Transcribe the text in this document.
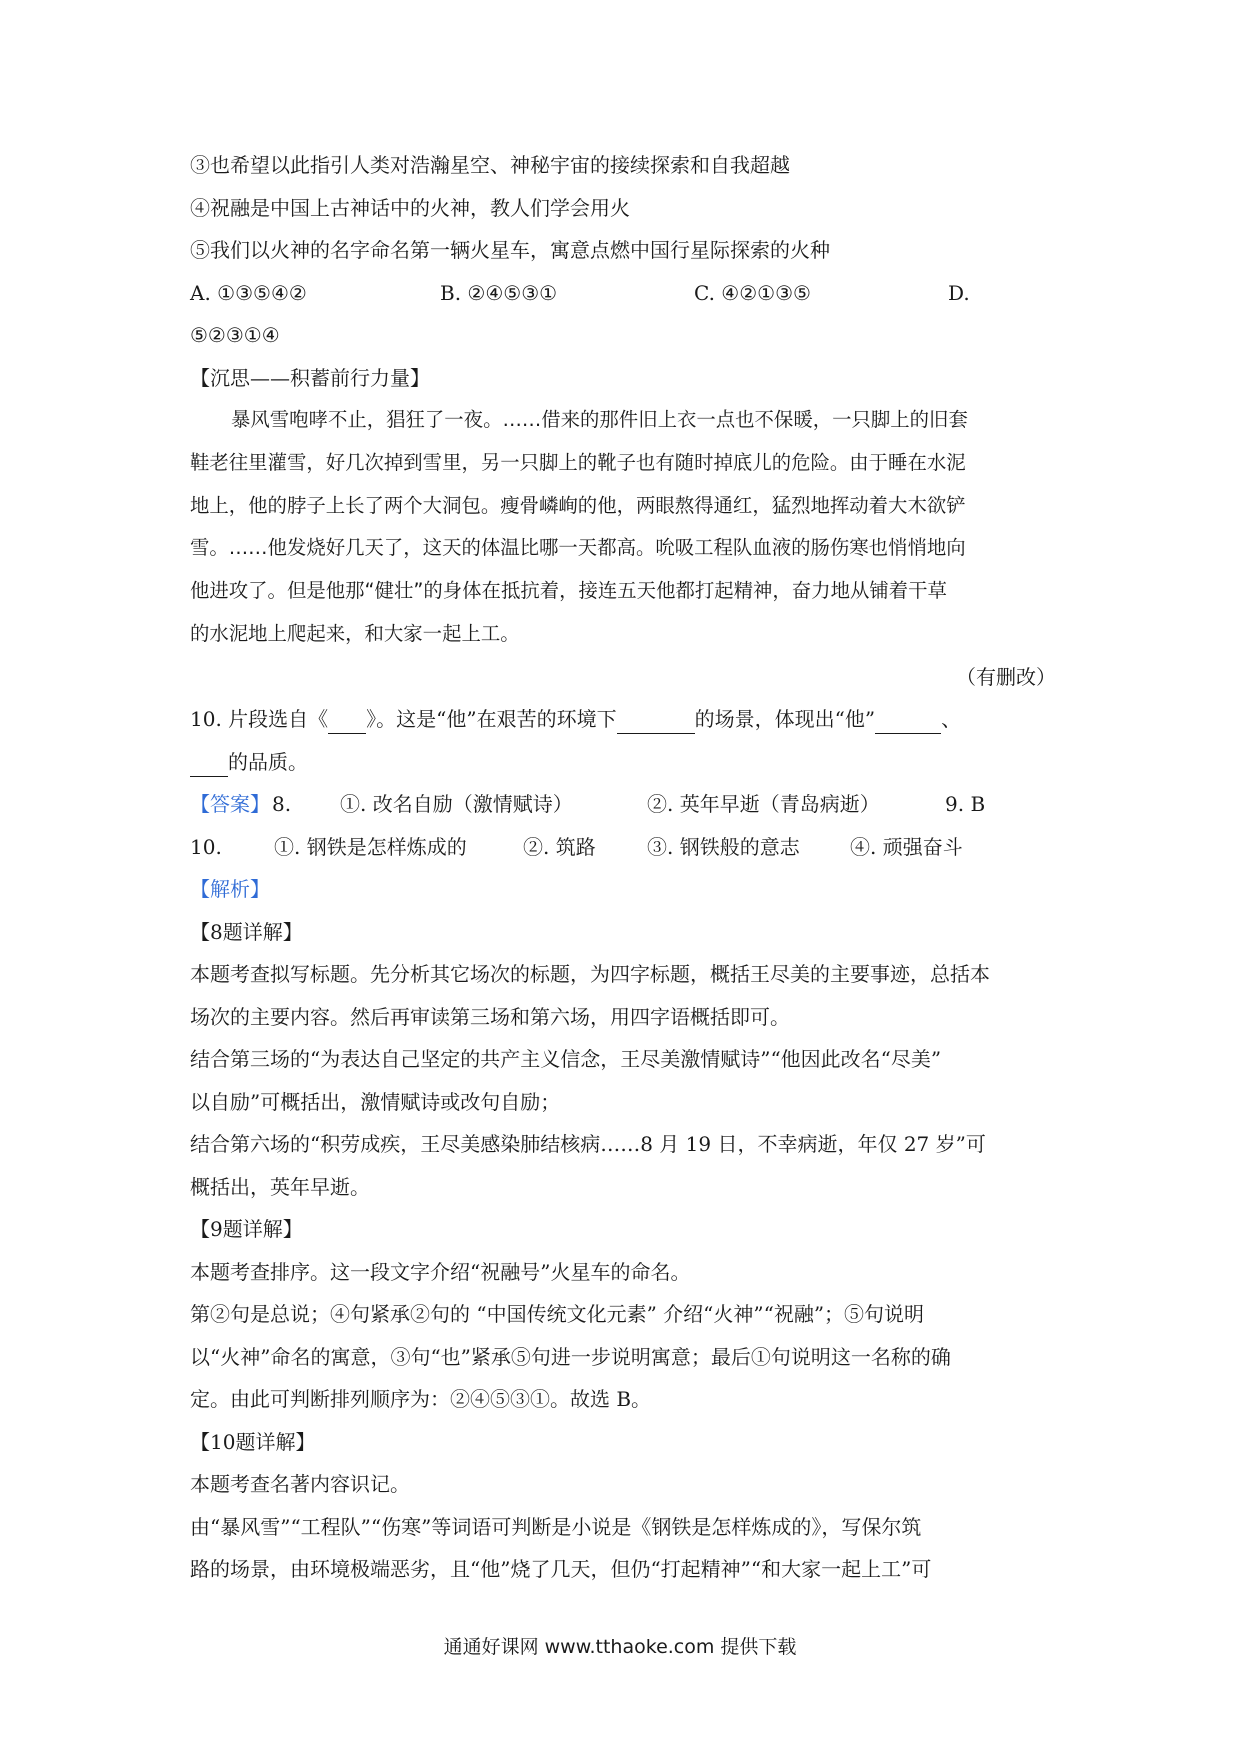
③也希望以此指引人类对浩瀚星空、神秘宇宙的接续探索和自我超越
④祝融是中国上古神话中的火神，教人们学会用火
⑤我们以火神的名字命名第一辆火星车，寓意点燃中国行星际探索的火种
A. ①③⑤④②	B. ②④⑤③①	C. ④②①③⑤	D.
⑤②③①④
【沉思——积蓄前行力量】
暴风雪咆哮不止，猖狂了一夜。……借来的那件旧上衣一点也不保暖，一只脚上的旧套
鞋老往里灌雪，好几次掉到雪里，另一只脚上的靴子也有随时掉底儿的危险。由于睡在水泥
地上，他的脖子上长了两个大洞包。瘦骨嶙峋的他，两眼熬得通红，猛烈地挥动着大木欲铲
雪。……他发烧好几天了，这天的体温比哪一天都高。吮吸工程队血液的肠伤寒也悄悄地向
他进攻了。但是他那“健壮”的身体在抵抗着，接连五天他都打起精神，奋力地从铺着干草
的水泥地上爬起来，和大家一起上工。
（有删改）
10. 片段选自《 》。这是“他”在艰苦的环境下	的场景，体现出“他”	、
的品质。
【答案】 8. ①. 改名自励（激情赋诗）	②. 英年早逝（青岛病逝）	9. B
10.	①. 钢铁是怎样炼成的	②. 筑路	③. 钢铁般的意志	④. 顽强奋斗
【解析】
【8题详解】
本题考查拟写标题。先分析其它场次的标题，为四字标题，概括王尽美的主要事迹，总括本
场次的主要内容。然后再审读第三场和第六场，用四字语概括即可。
结合第三场的“为表达自己坚定的共产主义信念，王尽美激情赋诗”“他因此改名“尽美”
以自励”可概括出，激情赋诗或改句自励；
结合第六场的“积劳成疾，王尽美感染肺结核病……8 月 19 日，不幸病逝，年仅 27 岁”可
概括出，英年早逝。
【9题详解】
本题考查排序。这一段文字介绍“祝融号”火星车的命名。
第②句是总说；④句紧承②句的 “中国传统文化元素” 介绍“火神”“祝融”；⑤句说明
以“火神”命名的寓意，③句“也”紧承⑤句进一步说明寓意；最后①句说明这一名称的确
定。由此可判断排列顺序为：②④⑤③①。故选 B。
【10题详解】
本题考查名著内容识记。
由“暴风雪”“工程队”“伤寒”等词语可判断是小说是《钢铁是怎样炼成的》，写保尔筑
路的场景，由环境极端恶劣，且“他”烧了几天，但仍“打起精神”“和大家一起上工”可
通通好课网 www.tthaoke.com 提供下载
